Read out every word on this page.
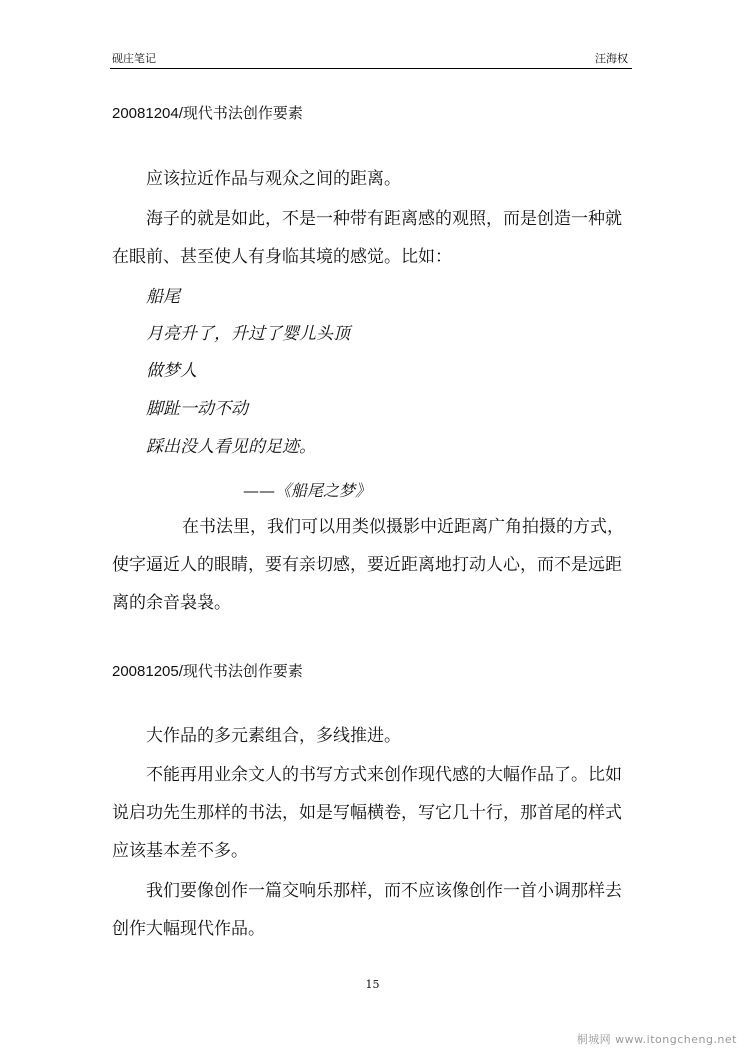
砚庄笔记	汪海权
20081204/现代书法创作要素

应该拉近作品与观众之间的距离。

海子的就是如此，不是一种带有距离感的观照，而是创造一种就在眼前、甚至使人有身临其境的感觉。比如：

船尾
月亮升了，升过了婴儿头顶
做梦人
脚趾一动不动
踩出没人看见的足迹。
——《船尾之梦》

在书法里，我们可以用类似摄影中近距离广角拍摄的方式，使字逼近人的眼睛，要有亲切感，要近距离地打动人心，而不是远距离的余音袅袅。

20081205/现代书法创作要素

大作品的多元素组合，多线推进。

不能再用业余文人的书写方式来创作现代感的大幅作品了。比如说启功先生那样的书法，如是写幅横卷，写它几十行，那首尾的样式应该基本差不多。

我们要像创作一篇交响乐那样，而不应该像创作一首小调那样去创作大幅现代作品。

15
桐城网 www.itongcheng.net
